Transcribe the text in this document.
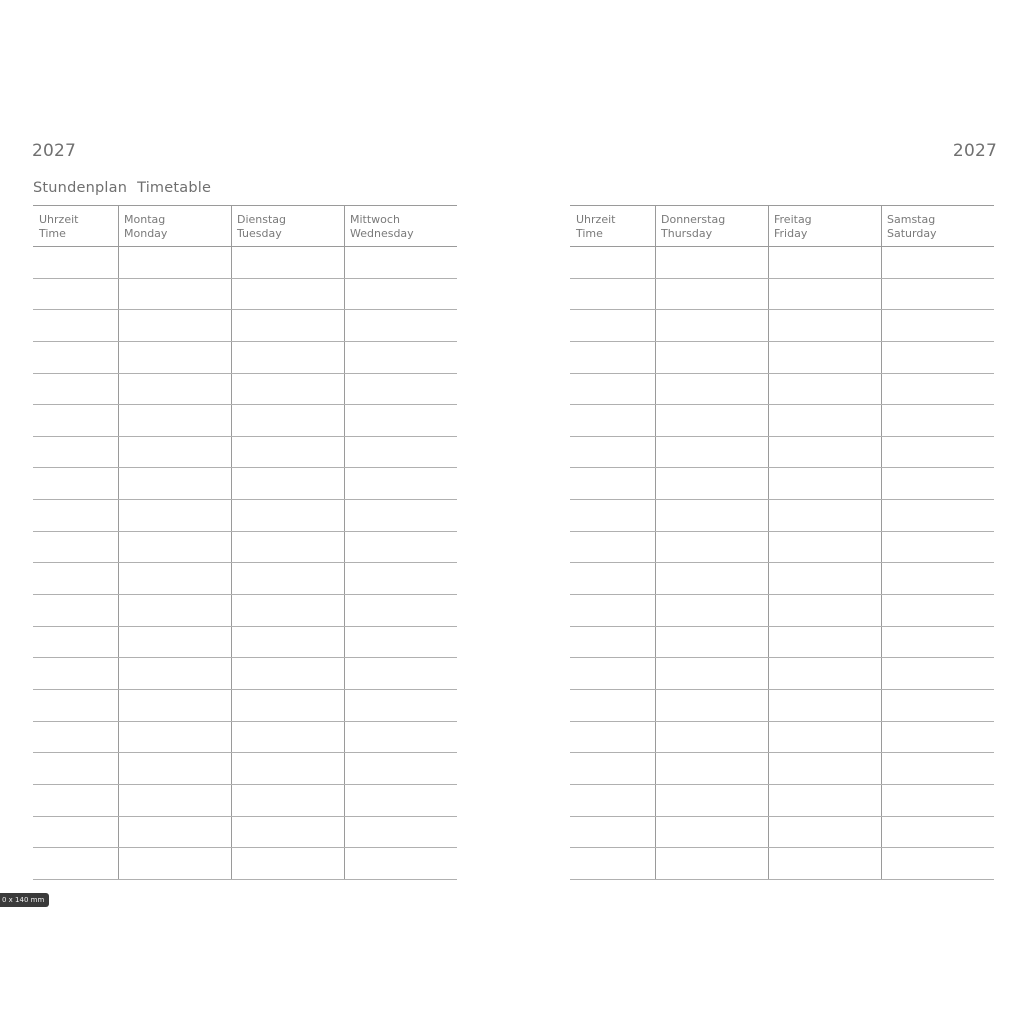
2027
Stundenplan Timetable
Uhrzeit
Time
Montag
Monday
Dienstag
Tuesday
Mittwoch
Wednesday
2027
Uhrzeit
Time
Donnerstag
Thursday
Freitag
Friday
Samstag
Saturday
0 x 140 mm
